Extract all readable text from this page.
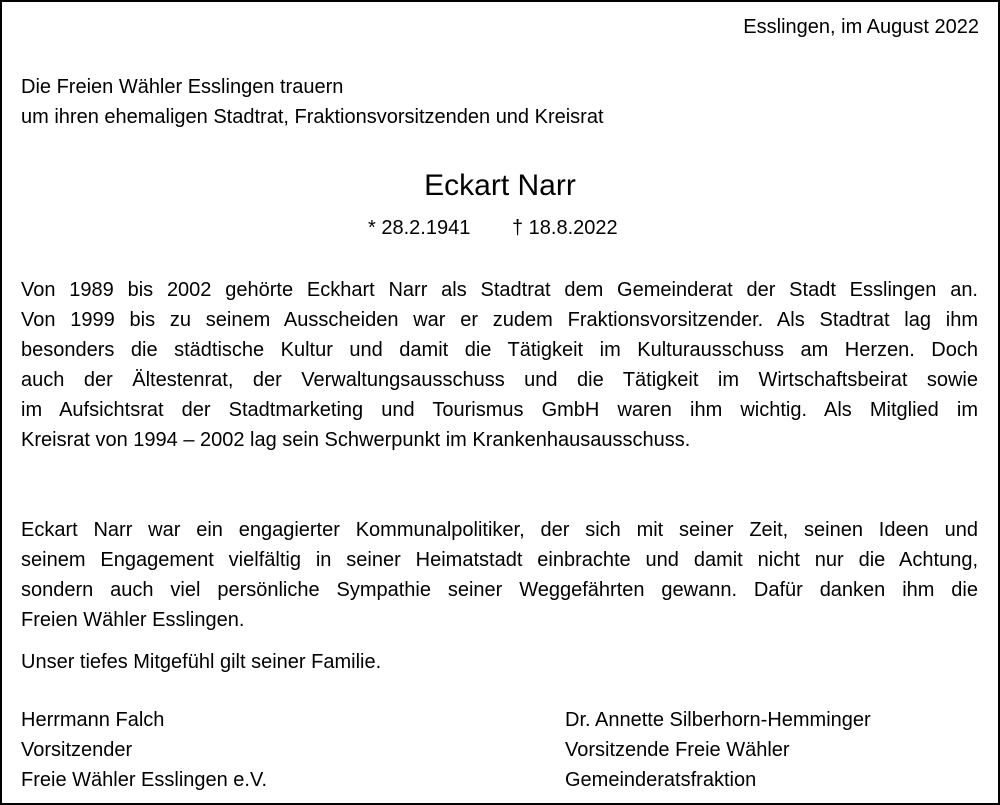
Esslingen, im August 2022
Die Freien Wähler Esslingen trauern
um ihren ehemaligen Stadtrat, Fraktionsvorsitzenden und Kreisrat
Eckart Narr
* 28.2.1941 † 18.8.2022
Von 1989 bis 2002 gehörte Eckhart Narr als Stadtrat dem Gemeinderat der Stadt Esslingen an.
Von 1999 bis zu seinem Ausscheiden war er zudem Fraktionsvorsitzender. Als Stadtrat lag ihm
besonders die städtische Kultur und damit die Tätigkeit im Kulturausschuss am Herzen. Doch
auch der Ältestenrat, der Verwaltungsausschuss und die Tätigkeit im Wirtschaftsbeirat sowie
im Aufsichtsrat der Stadtmarketing und Tourismus GmbH waren ihm wichtig. Als Mitglied im
Kreisrat von 1994 – 2002 lag sein Schwerpunkt im Krankenhausausschuss.
Eckart Narr war ein engagierter Kommunalpolitiker, der sich mit seiner Zeit, seinen Ideen und
seinem Engagement vielfältig in seiner Heimatstadt einbrachte und damit nicht nur die Achtung,
sondern auch viel persönliche Sympathie seiner Weggefährten gewann. Dafür danken ihm die
Freien Wähler Esslingen.
Unser tiefes Mitgefühl gilt seiner Familie.
Herrmann Falch
Vorsitzender
Freie Wähler Esslingen e.V.
Dr. Annette Silberhorn-Hemminger
Vorsitzende Freie Wähler
Gemeinderatsfraktion
